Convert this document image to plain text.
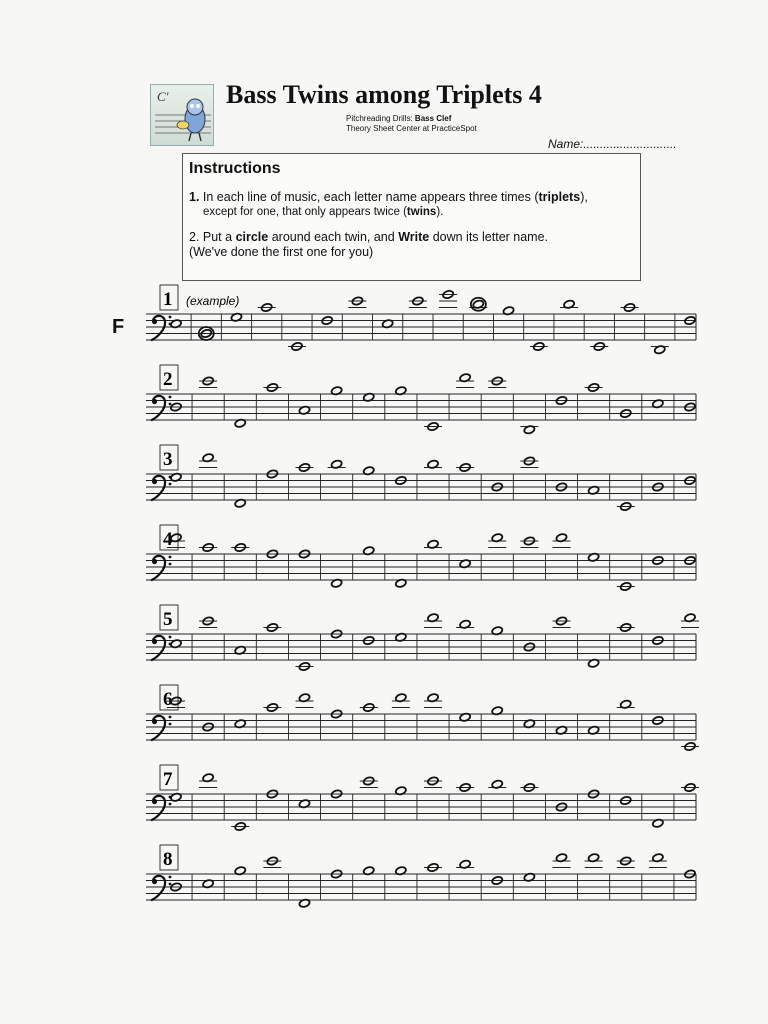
C' Bass Twins among Triplets 4
Pitchreading Drills: Bass Clef
Theory Sheet Center at PracticeSpot
Name:............................
Instructions

1. In each line of music, each letter name appears three times (triplets),

except for one, that only appears twice (twins).

2. Put a circle around each twin, and Write down its letter name.

(We've done the first one for you)

F
1 (example)
2
3
4
5
6
7
8
